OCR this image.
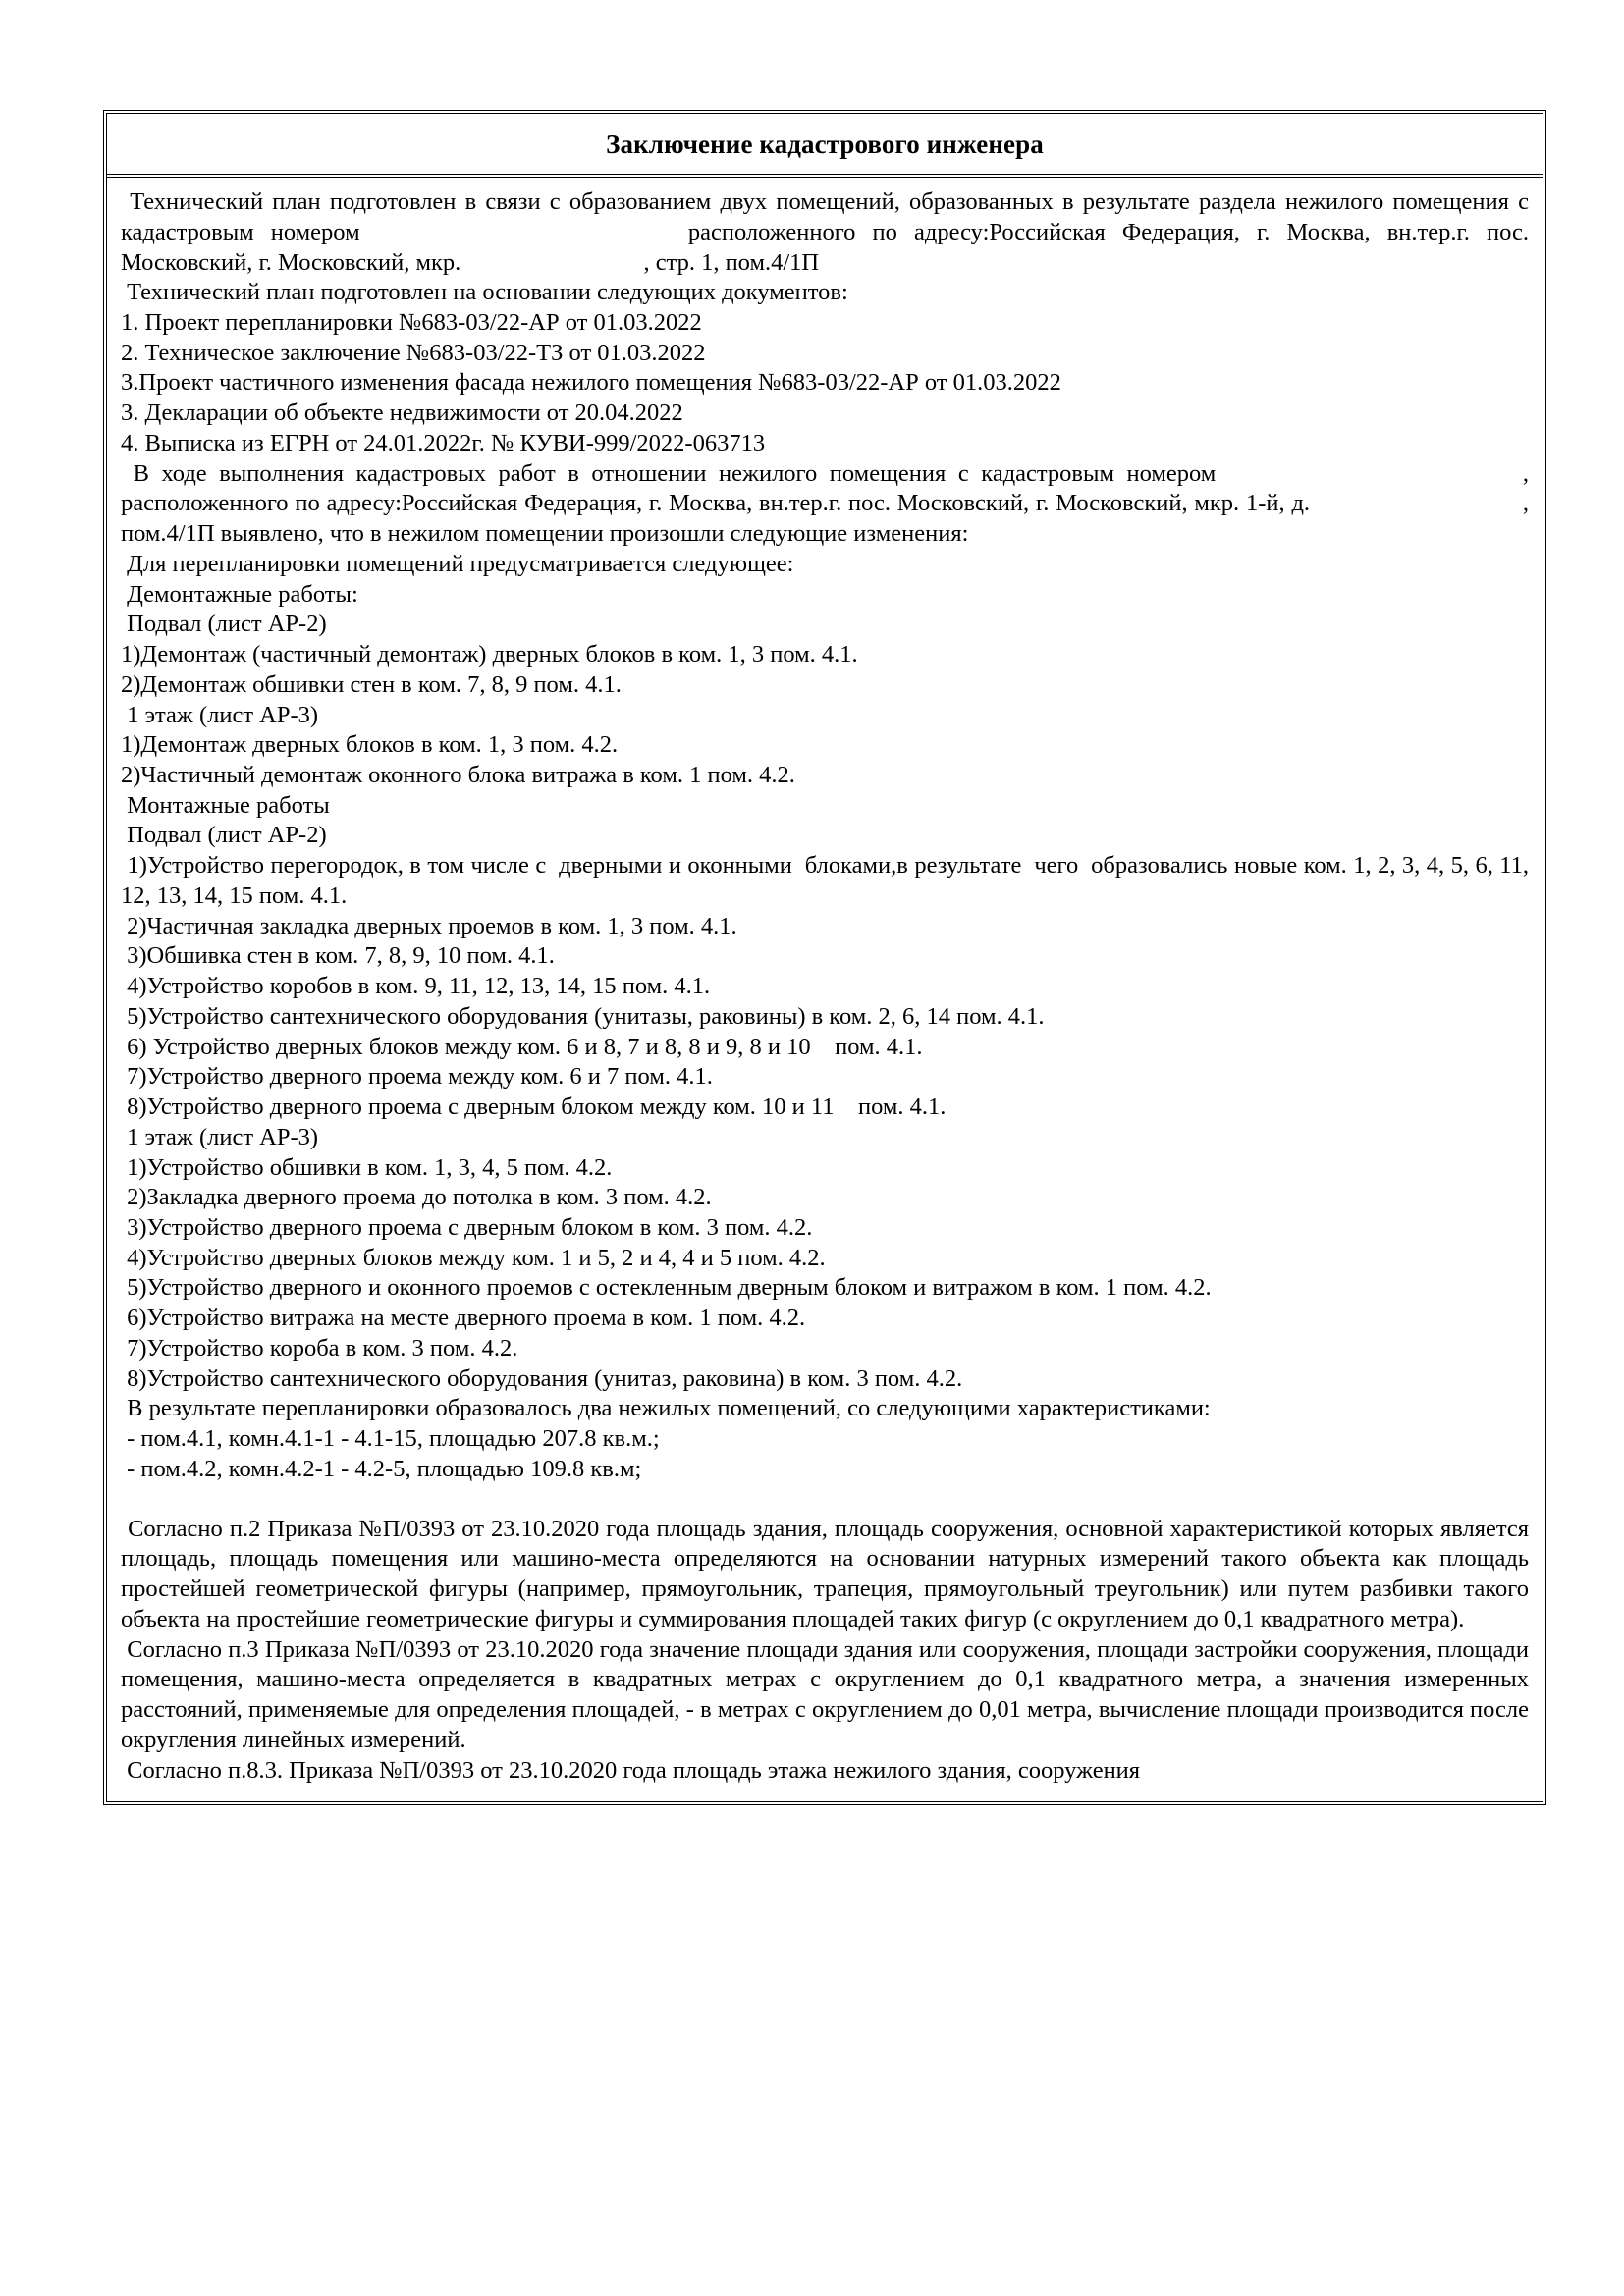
Заключение кадастрового инженера

Технический план подготовлен в связи с образованием двух помещений, образованных в результате раздела нежилого помещения с кадастровым номером	расположенного по адресу:Российская Федерация, г. Москва, вн.тер.г. пос. Московский, г. Московский, мкр.	, стр. 1, пом.4/1П

Технический план подготовлен на основании следующих документов:

1. Проект перепланировки №683-03/22-АР от 01.03.2022

2. Техническое заключение №683-03/22-ТЗ от 01.03.2022

3.Проект частичного изменения фасада нежилого помещения №683-03/22-АР от 01.03.2022

3. Декларации об объекте недвижимости от 20.04.2022

4. Выписка из ЕГРН от 24.01.2022г. № КУВИ-999/2022-063713

В ходе выполнения кадастровых работ в отношении нежилого помещения с кадастровым номером	,  расположенного по адресу:Российская Федерация, г. Москва, вн.тер.г. пос. Московский, г. Московский, мкр. 1-й, д.	, пом.4/1П выявлено, что в нежилом помещении произошли следующие изменения:

Для перепланировки помещений предусматривается следующее:

Демонтажные работы:

Подвал (лист АР-2)

1)Демонтаж (частичный демонтаж) дверных блоков в ком. 1, 3 пом. 4.1.

2)Демонтаж обшивки стен в ком. 7, 8, 9 пом. 4.1.

1 этаж (лист АР-3)

1)Демонтаж дверных блоков в ком. 1, 3 пом. 4.2.

2)Частичный демонтаж оконного блока витража в ком. 1 пом. 4.2.

Монтажные работы

Подвал (лист АР-2)

1)Устройство перегородок, в том числе с  дверными и оконными  блоками,в результате  чего  образовались новые ком. 1, 2, 3, 4, 5, 6, 11, 12, 13, 14, 15 пом. 4.1.

2)Частичная закладка дверных проемов в ком. 1, 3 пом. 4.1.

3)Обшивка стен в ком. 7, 8, 9, 10 пом. 4.1.

4)Устройство коробов в ком. 9, 11, 12, 13, 14, 15 пом. 4.1.

5)Устройство сантехнического оборудования (унитазы, раковины) в ком. 2, 6, 14 пом. 4.1.

6) Устройство дверных блоков между ком. 6 и 8, 7 и 8, 8 и 9, 8 и 10    пом. 4.1.

7)Устройство дверного проема между ком. 6 и 7 пом. 4.1.

8)Устройство дверного проема с дверным блоком между ком. 10 и 11    пом. 4.1.

1 этаж (лист АР-3)

1)Устройство обшивки в ком. 1, 3, 4, 5 пом. 4.2.

2)Закладка дверного проема до потолка в ком. 3 пом. 4.2.

3)Устройство дверного проема с дверным блоком в ком. 3 пом. 4.2.

4)Устройство дверных блоков между ком. 1 и 5, 2 и 4, 4 и 5 пом. 4.2.

5)Устройство дверного и оконного проемов с остекленным дверным блоком и витражом в ком. 1 пом. 4.2.

6)Устройство витража на месте дверного проема в ком. 1 пом. 4.2.

7)Устройство короба в ком. 3 пом. 4.2.

8)Устройство сантехнического оборудования (унитаз, раковина) в ком. 3 пом. 4.2.

В результате перепланировки образовалось два нежилых помещений, со следующими характеристиками:

- пом.4.1, комн.4.1-1 - 4.1-15, площадью 207.8 кв.м.;

- пом.4.2, комн.4.2-1 - 4.2-5, площадью 109.8 кв.м;

Согласно п.2 Приказа №П/0393 от 23.10.2020 года площадь здания, площадь сооружения, основной характеристикой которых является площадь, площадь помещения или машино-места определяются на основании натурных измерений такого объекта как площадь простейшей геометрической фигуры (например, прямоугольник, трапеция, прямоугольный треугольник) или путем разбивки такого объекта на простейшие геометрические фигуры и суммирования площадей таких фигур (с округлением до 0,1 квадратного метра).

Согласно п.3 Приказа №П/0393 от 23.10.2020 года значение площади здания или сооружения, площади застройки сооружения, площади помещения, машино-места определяется в квадратных метрах с округлением до 0,1 квадратного метра, а значения измеренных расстояний, применяемые для определения площадей, - в метрах с округлением до 0,01 метра, вычисление площади производится после округления линейных измерений.

Согласно п.8.3. Приказа №П/0393 от 23.10.2020 года площадь этажа нежилого здания, сооружения
